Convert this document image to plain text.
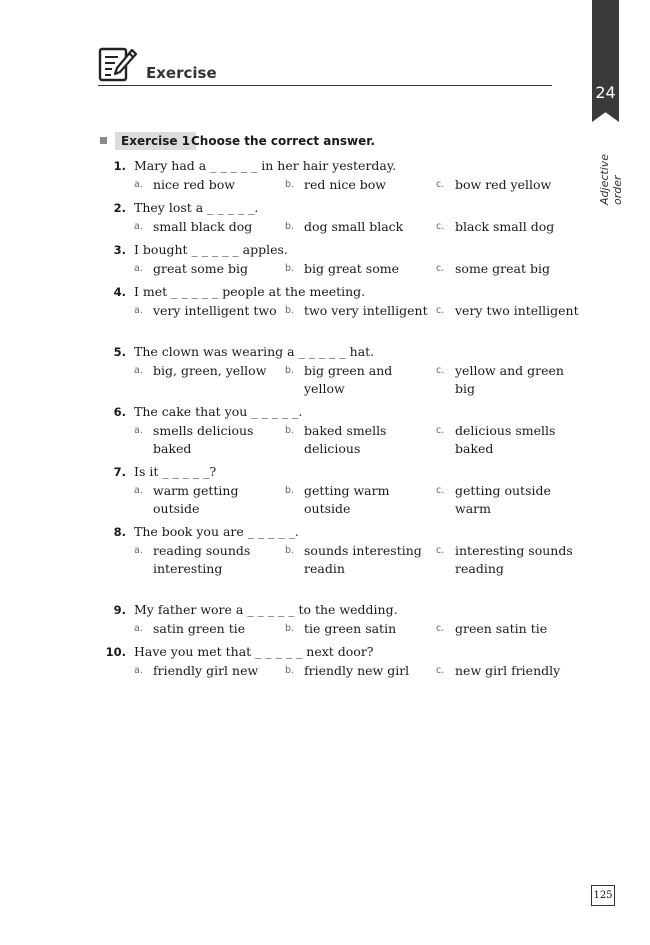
Exercise
24
Adjective order
Exercise 1 Choose the correct answer.
1. Mary had a _ _ _ _ _ in her hair yesterday.
a. nice red bow	b. red nice bow	c. bow red yellow
2. They lost a _ _ _ _ _.
a. small black dog	b. dog small black	c. black small dog
3. I bought _ _ _ _ _ apples.
a. great some big	b. big great some	c. some great big
4. I met _ _ _ _ _ people at the meeting.
a. very intelligent two b. two very intelligent c. very two intelligent
5. The clown was wearing a _ _ _ _ _ hat.
a. big, green, yellow	b. big green and yellow
c. yellow and green big
6. The cake that you _ _ _ _ _.
a. smells delicious baked
b. baked smells delicious
c. delicious smells baked
7. Is it _ _ _ _ _?
a. warm getting outside
b. getting warm outside
c. getting outside warm
8. The book you are _ _ _ _ _.
a. reading sounds interesting
b. sounds interesting readin
c. interesting sounds reading
9. My father wore a _ _ _ _ _ to the wedding.
a. satin green tie	b. tie green satin	c. green satin tie
10. Have you met that _ _ _ _ _ next door?
a. friendly girl new	b. friendly new girl	c. new girl friendly
125
